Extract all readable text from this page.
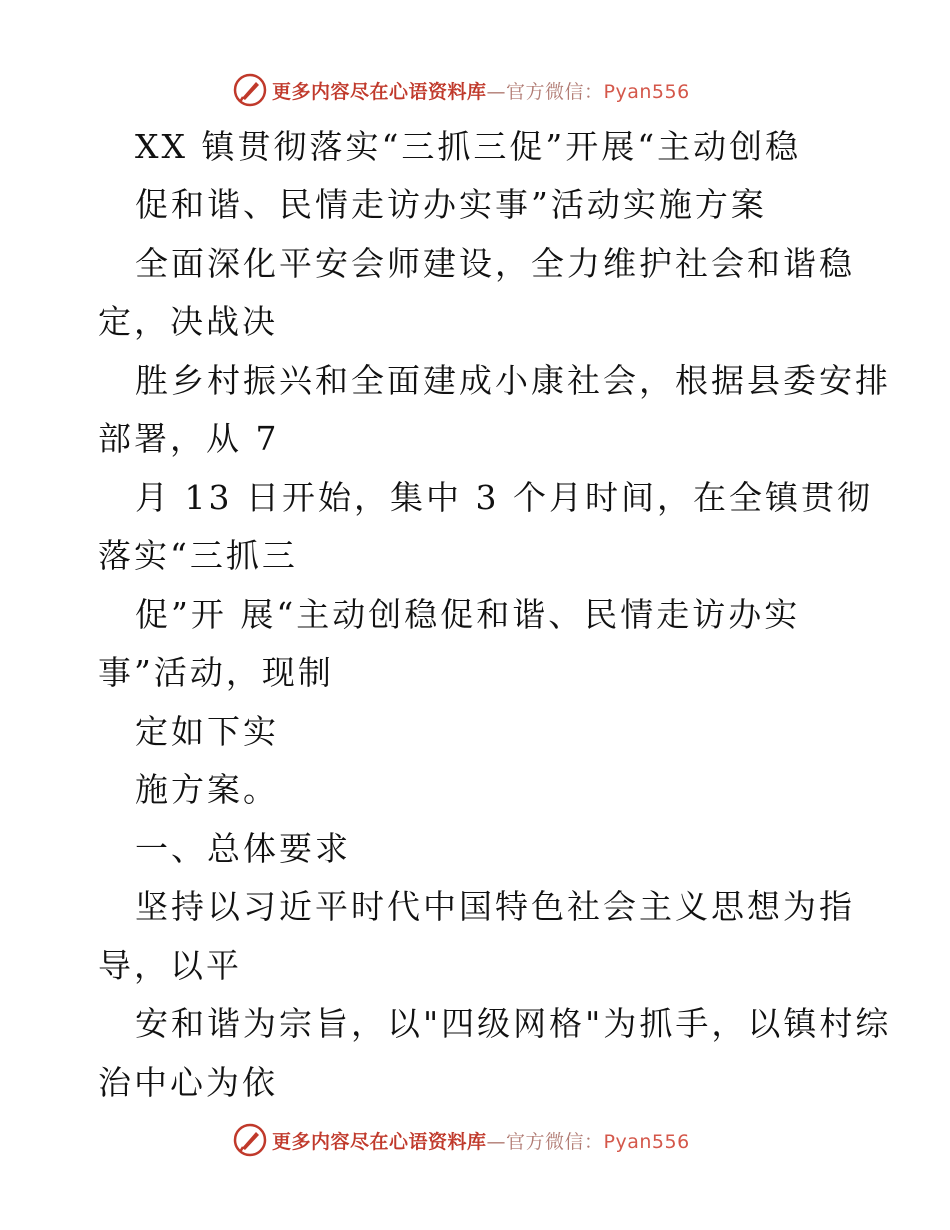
更多内容尽在心语资料库—官方微信：Pyan556
XX 镇贯彻落实“三抓三促”开展“主动创稳
促和谐、民情走访办实事”活动实施方案
全面深化平安会师建设，全力维护社会和谐稳
定，决战决
胜乡村振兴和全面建成小康社会，根据县委安排
部署，从 7
月 13 日开始，集中 3 个月时间，在全镇贯彻
落实“三抓三
促”开 展“主动创稳促和谐、民情走访办实
事”活动，现制
定如下实
施方案。
一、总体要求
坚持以习近平时代中国特色社会主义思想为指
导，以平
安和谐为宗旨，以"四级网格"为抓手，以镇村综
治中心为依
更多内容尽在心语资料库—官方微信：Pyan556
